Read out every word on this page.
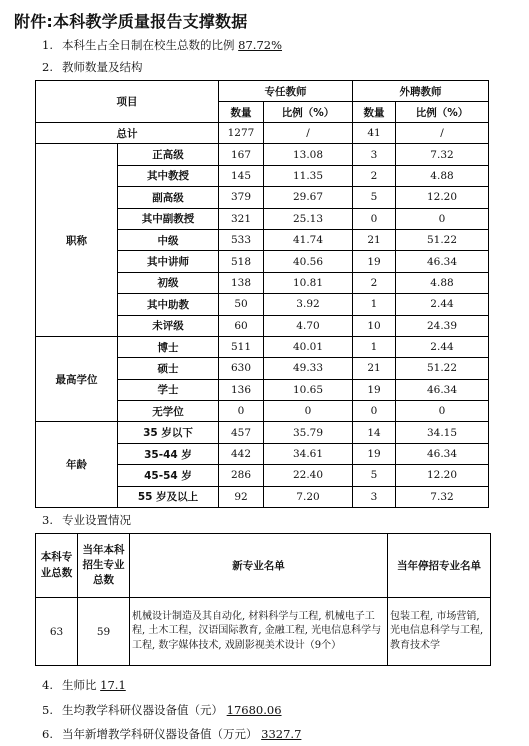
附件:本科教学质量报告支撑数据
1. 本科生占全日制在校生总数的比例 87.72%
2. 教师数量及结构
项目		专任教师		外聘教师	
		数量	比例（%）	数量	比例（%）
总计		1277	/	41	/
职称	正高级	167	13.08	3	7.32
	其中教授	145	11.35	2	4.88
	副高级	379	29.67	5	12.20
	其中副教授	321	25.13	0	0
	中级	533	41.74	21	51.22
	其中讲师	518	40.56	19	46.34
	初级	138	10.81	2	4.88
	其中助教	50	3.92	1	2.44
	未评级	60	4.70	10	24.39
最高学位	博士	511	40.01	1	2.44
	硕士	630	49.33	21	51.22
	学士	136	10.65	19	46.34
	无学位	0	0	0	0
年龄	35 岁以下	457	35.79	14	34.15
	35-44 岁	442	34.61	19	46.34
	45-54 岁	286	22.40	5	12.20
	55 岁及以上	92	7.20	3	7.32
3. 专业设置情况
本科专业总数	当年本科招生专业总数	新专业名单	当年停招专业名单
63	59	机械设计制造及其自动化, 材料科学与工程, 机械电子工程, 土木工程，汉语国际教育, 金融工程, 光电信息科学与工程, 数字媒体技术, 戏剧影视美术设计（9个）	包装工程, 市场营销, 光电信息科学与工程, 教育技术学
4. 生师比 17.1
5. 生均教学科研仪器设备值（元） 17680.06
6. 当年新增教学科研仪器设备值（万元） 3327.7
